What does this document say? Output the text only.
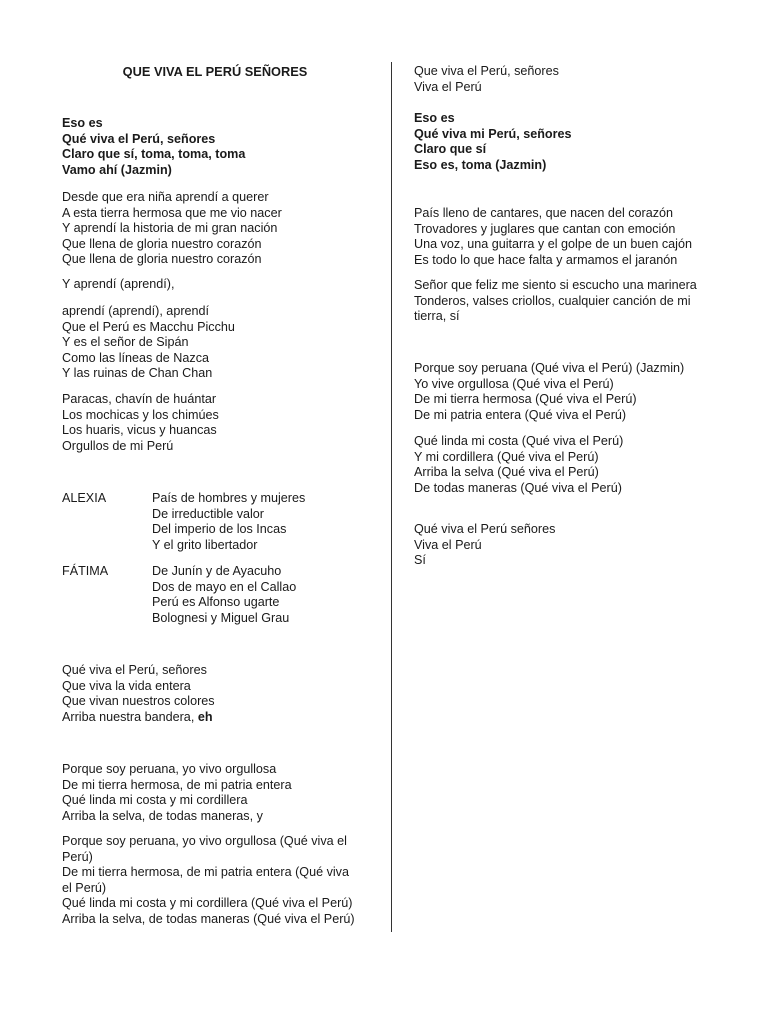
QUE VIVA EL PERÚ SEÑORES
Eso es
Qué viva el Perú, señores
Claro que sí, toma, toma, toma
Vamo ahí (Jazmin)
Desde que era niña aprendí a querer
A esta tierra hermosa que me vio nacer
Y aprendí la historia de mi gran nación
Que llena de gloria nuestro corazón
Que llena de gloria nuestro corazón
Y aprendí (aprendí),
aprendí (aprendí), aprendí
Que el Perú es Macchu Picchu
Y es el señor de Sipán
Como las líneas de Nazca
Y las ruinas de Chan Chan
Paracas, chavín de huántar
Los mochicas y los chimúes
Los huaris, vicus y huancas
Orgullos de mi Perú
ALEXIA	País de hombres y mujeres
De irreductible valor
Del imperio de los Incas
Y el grito libertador
FÁTIMA	De Junín y de Ayacuho
Dos de mayo en el Callao
Perú es Alfonso ugarte
Bolognesi y Miguel Grau
Qué viva el Perú, señores
Que viva la vida entera
Que vivan nuestros colores
Arriba nuestra bandera, eh
Porque soy peruana, yo vivo orgullosa
De mi tierra hermosa, de mi patria entera
Qué linda mi costa y mi cordillera
Arriba la selva, de todas maneras, y
Porque soy peruana, yo vivo orgullosa (Qué viva el
Perú)
De mi tierra hermosa, de mi patria entera (Qué viva
el Perú)
Qué linda mi costa y mi cordillera (Qué viva el Perú)
Arriba la selva, de todas maneras (Qué viva el Perú)
Que viva el Perú, señores
Viva el Perú
Eso es
Qué viva mi Perú, señores
Claro que sí
Eso es, toma (Jazmin)
País lleno de cantares, que nacen del corazón
Trovadores y juglares que cantan con emoción
Una voz, una guitarra y el golpe de un buen cajón
Es todo lo que hace falta y armamos el jaranón
Señor que feliz me siento si escucho una marinera
Tonderos, valses criollos, cualquier canción de mi
tierra, sí
Porque soy peruana (Qué viva el Perú) (Jazmin)
Yo vive orgullosa (Qué viva el Perú)
De mi tierra hermosa (Qué viva el Perú)
De mi patria entera (Qué viva el Perú)
Qué linda mi costa (Qué viva el Perú)
Y mi cordillera (Qué viva el Perú)
Arriba la selva (Qué viva el Perú)
De todas maneras (Qué viva el Perú)
Qué viva el Perú señores
Viva el Perú
Sí
